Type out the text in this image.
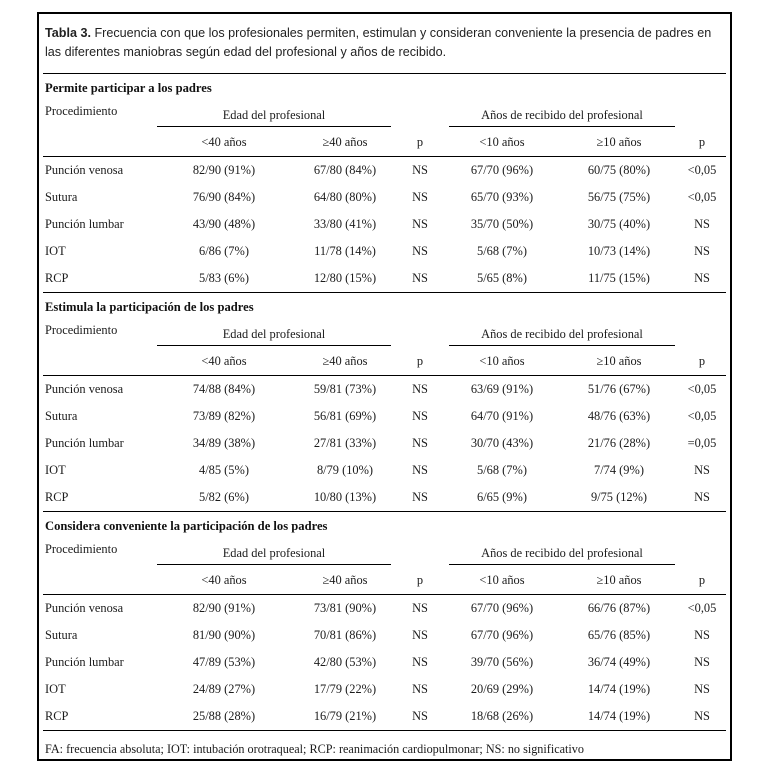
Tabla 3. Frecuencia con que los profesionales permiten, estimulan y consideran conveniente la presencia de padres en las diferentes maniobras según edad del profesional y años de recibido.

Permite participar a los padres
Procedimiento	Edad del profesional	Años de recibido del profesional
<40 años	≥40 años	p	<10 años	≥10 años	p
Punción venosa	82/90 (91%)	67/80 (84%)	NS	67/70 (96%)	60/75 (80%)	<0,05
Sutura	76/90 (84%)	64/80 (80%)	NS	65/70 (93%)	56/75 (75%)	<0,05
Punción lumbar	43/90 (48%)	33/80 (41%)	NS	35/70 (50%)	30/75 (40%)	NS
IOT	6/86 (7%)	11/78 (14%)	NS	5/68 (7%)	10/73 (14%)	NS
RCP	5/83 (6%)	12/80 (15%)	NS	5/65 (8%)	11/75 (15%)	NS
Estimula la participación de los padres
Procedimiento	Edad del profesional	Años de recibido del profesional
<40 años	≥40 años	p	<10 años	≥10 años	p
Punción venosa	74/88 (84%)	59/81 (73%)	NS	63/69 (91%)	51/76 (67%)	<0,05
Sutura	73/89 (82%)	56/81 (69%)	NS	64/70 (91%)	48/76 (63%)	<0,05
Punción lumbar	34/89 (38%)	27/81 (33%)	NS	30/70 (43%)	21/76 (28%)	=0,05
IOT	4/85 (5%)	8/79 (10%)	NS	5/68 (7%)	7/74 (9%)	NS
RCP	5/82 (6%)	10/80 (13%)	NS	6/65 (9%)	9/75 (12%)	NS
Considera conveniente la participación de los padres
Procedimiento	Edad del profesional	Años de recibido del profesional
<40 años	≥40 años	p	<10 años	≥10 años	p
Punción venosa	82/90 (91%)	73/81 (90%)	NS	67/70 (96%)	66/76 (87%)	<0,05
Sutura	81/90 (90%)	70/81 (86%)	NS	67/70 (96%)	65/76 (85%)	NS
Punción lumbar	47/89 (53%)	42/80 (53%)	NS	39/70 (56%)	36/74 (49%)	NS
IOT	24/89 (27%)	17/79 (22%)	NS	20/69 (29%)	14/74 (19%)	NS
RCP	25/88 (28%)	16/79 (21%)	NS	18/68 (26%)	14/74 (19%)	NS

FA: frecuencia absoluta; IOT: intubación orotraqueal; RCP: reanimación cardiopulmonar; NS: no significativo
